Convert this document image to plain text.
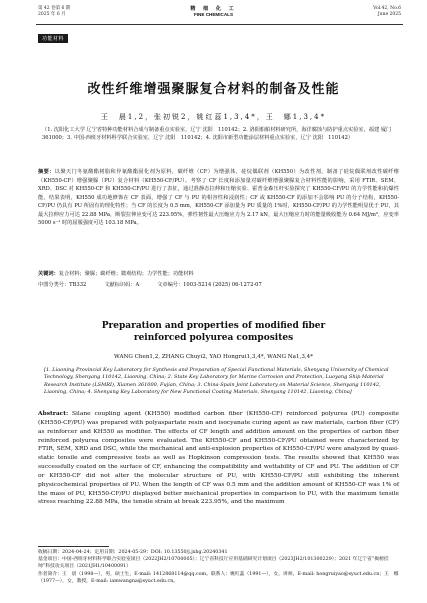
第 42 卷第 6 期
2025 年 6 月
精 细 化 工
FINE CHEMICALS
Vol.42, No.6
June 2025
功能材料
改性纤维增强聚脲复合材料的制备及性能
王　晨1,2，张初锐2，姚红蕊1,3,4*，王　娜1,3,4*
（1. 沈阳化工大学 辽宁省特种功能材料合成与制备重点实验室，辽宁 沈阳　110142；2. 洛阳船舶材料研究所，海洋腐蚀与防护重点实验室，福建 厦门　361000；3. 中国-西班牙材料科学联合实验室，辽宁 沈阳　110142；4. 沈阳市新型功能涂层材料重点实验室，辽宁 沈阳　110142）
摘要：以聚天门冬氨酸酯树脂和异氰酸酯固化剂为原料，碳纤维（CF）为增强体，硅烷偶联剂（KH550）为改性剂，制备了硅烷偶联剂改性碳纤维（KH550-CF）增强聚脲（PU）复合材料（KH550-CF/PU）。考察了 CF 长度和添加量对碳纤维增强聚脲复合材料性能的影响，采用 FTIR、SEM、XRD、DSC 对 KH550-CF 和 KH550-CF/PU 进行了表征，通过准静态拉伸和压缩实验、霍普金森压杆实验探究了 KH550-CF/PU 的力学性能和抗爆性能。结果表明，KH550 成功地修饰在 CF 表面，增强了 CF 与 PU 的相容性和浸润性；CF 或 KH550-CF 的添加不会影响 PU 的分子结构，KH550-CF/PU 仍具有 PU 所固有的理化特性；当 CF 的长度为 0.5 mm，KH550-CF 添加量为 PU 质量的 1%时，KH550-CF/PU 的力学性能明显优于 PU，其最大拉伸应力可达 22.88 MPa，断裂拉伸应变可达 223.95%，弹性韧性最大压缩应力为 2.17 kN，最大压缩应力时的能量吸收能为 0.64 MJ/m³，应变率 5000 s⁻¹ 时的屈服强度可达 103.18 MPa。
关键词：复合材料；聚脲；碳纤维；微观结构；力学性能；功能材料
中图分类号：TB332	文献标识码：A	文章编号：1003-5214 (2025) 06-1272-07
Preparation and properties of modified fiber
reinforced polyurea composites
WANG Chen1,2, ZHANG Chuyi2, YAO Hongrui1,3,4*, WANG Na1,3,4*
[1. Liaoning Provincial Key Laboratory for Synthesis and Preparation of Special Functional Materials, Shenyang University of Chemical Technology, Shenyang 110142, Liaoning, China; 2. State Key Laboratory for Marine Corrosion and Protection, Luoyang Ship Material Research Institute (LSMRI), Xiamen 361000, Fujian, China; 3. China-Spain Joint Laboratory on Material Science, Shenyang 110142, Liaoning, China; 4. Shenyang Key Laboratory for New Functional Coating Materials, Shenyang 110142, Liaoning, China]
Abstract: Silane coupling agent (KH550) modified carbon fiber (KH550-CF) reinforced polyurea (PU) composite (KH550-CF/PU) was prepared with polyaspartate resin and isocyanate curing agent as raw materials, carbon fiber (CF) as reinforcer and KH550 as modifier. The effects of CF length and addition amount on the properties of carbon fiber reinforced polyurea composites were evaluated. The KH550-CF and KH550-CF/PU obtained were characterized by FTIR, SEM, XRD and DSC, while the mechanical and anti-explosion properties of KH550-CF/PU were analyzed by quasi-static tensile and compressive tests as well as Hopkinson compression tests. The results showed that KH550 was successfully coated on the surface of CF, enhancing the compatibility and wettability of CF and PU. The addition of CF or KH550-CF did not alter the molecular structure of PU, with KH550-CF/PU still exhibiting the inherent physicochemical properties of PU. When the length of CF was 0.5 mm and the addition amount of KH550-CF was 1% of the mass of PU, KH550-CF/PU displayed better mechanical properties in comparison to PU, with the maximum tensile stress reaching 22.88 MPa, the tensile strain at break 223.95%, and the maximum
收稿日期：2024-04-24；定用日期：2024-05-29；DOI: 10.13550/j.jxhg.20240341
基金项目：中国-西班牙材料科学联合实验室项目（2022JH2/10700005）；辽宁省科技厅应用基础研究计划项目（2023JH2/101300229）；2021 年辽宁省“揭榜挂帅”科技攻关项目（2021JH1/10400091）
作者简介：王　晨（1998—），男，硕士生，E-mail: 1412868114@qq.com。联系人：姚红蕊（1991—），女，讲师，E-mail: hongruiyao@syuct.edu.cn；王　娜（1977—），女，教授，E-mail: iamwangna@syuct.edu.cn。
